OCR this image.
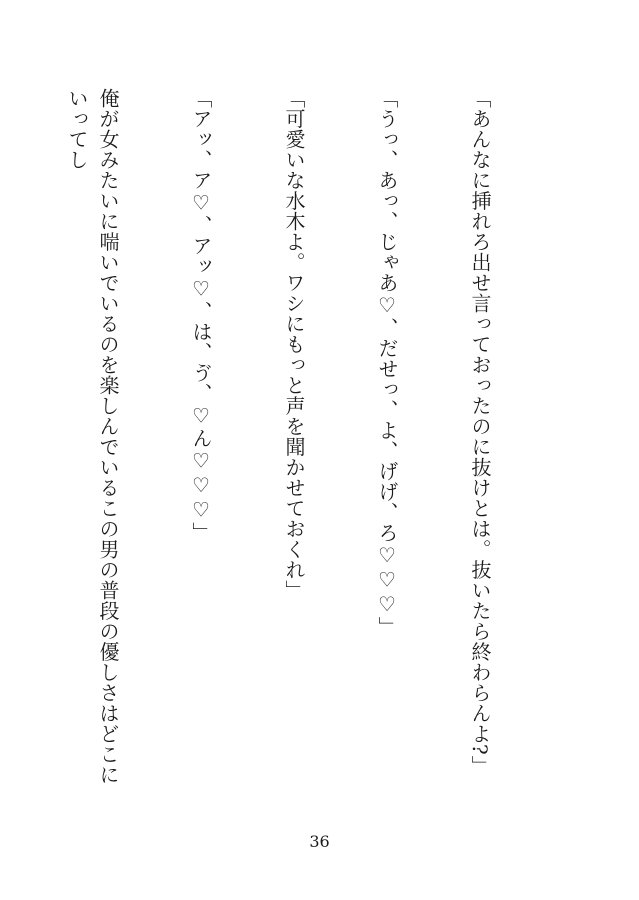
「あんなに挿れろ出せ言っておったのに抜けとは。抜いたら終わらんよ?」

「うっ、あっ、じゃあ♡、だせっ、よ、げげ、ろ♡♡♡」

「可愛いな水木よ。ワシにもっと声を聞かせておくれ」

「アッ、ア♡、アッ♡、は、ゔ、♡ん♡♡♡」

俺が女みたいに喘いでいるのを楽しんでいるこの男の普段の優しさはどこにいってし

36
